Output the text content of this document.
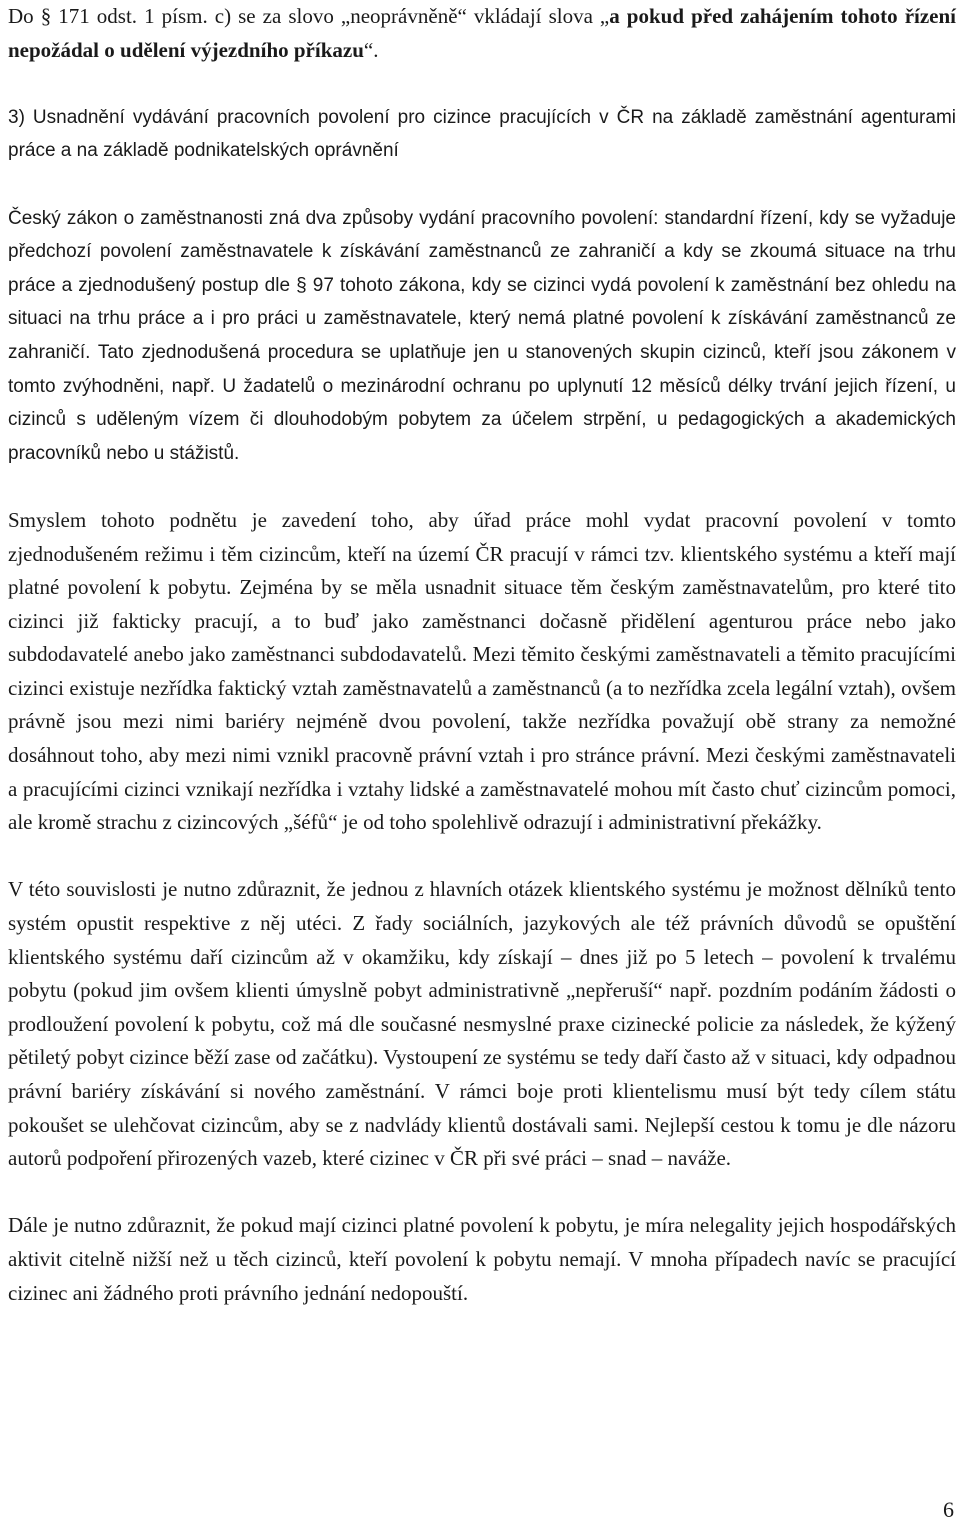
Do § 171 odst. 1 písm. c) se za slovo „neoprávněně“ vkládají slova „a pokud před zahájením tohoto řízení nepožádal o udělení výjezdního příkazu“.

3) Usnadnění vydávání pracovních povolení pro cizince pracujících v ČR na základě zaměstnání agenturami práce a na základě podnikatelských oprávnění

Český zákon o zaměstnanosti zná dva způsoby vydání pracovního povolení: standardní řízení, kdy se vyžaduje předchozí povolení zaměstnavatele k získávání zaměstnanců ze zahraničí a kdy se zkoumá situace na trhu práce a zjednodušený postup dle § 97 tohoto zákona, kdy se cizinci vydá povolení k zaměstnání bez ohledu na situaci na trhu práce a i pro práci u zaměstnavatele, který nemá platné povolení k získávání zaměstnanců ze zahraničí. Tato zjednodušená procedura se uplatňuje jen u stanovených skupin cizinců, kteří jsou zákonem v tomto zvýhodněni, např. U žadatelů o mezinárodní ochranu po uplynutí 12 měsíců délky trvání jejich řízení, u cizinců s uděleným vízem či dlouhodobým pobytem za účelem strpění, u pedagogických a akademických pracovníků nebo u stážistů.

Smyslem tohoto podnětu je zavedení toho, aby úřad práce mohl vydat pracovní povolení v tomto zjednodušeném režimu i těm cizincům, kteří na území ČR pracují v rámci tzv. klientského systému a kteří mají platné povolení k pobytu. Zejména by se měla usnadnit situace těm českým zaměstnavatelům, pro které tito cizinci již fakticky pracují, a to buď jako zaměstnanci dočasně přidělení agenturou práce nebo jako subdodavatelé anebo jako zaměstnanci subdodavatelů. Mezi těmito českými zaměstnavateli a těmito pracujícími cizinci existuje nezřídka faktický vztah zaměstnavatelů a zaměstnanců (a to nezřídka zcela legální vztah), ovšem právně jsou mezi nimi bariéry nejméně dvou povolení, takže nezřídka považují obě strany za nemožné dosáhnout toho, aby mezi nimi vznikl pracovně právní vztah i pro stránce právní. Mezi českými zaměstnavateli a pracujícími cizinci vznikají nezřídka i vztahy lidské a zaměstnavatelé mohou mít často chuť cizincům pomoci, ale kromě strachu z cizincových „šéfů“ je od toho spolehlivě odrazují i administrativní překážky.

V této souvislosti je nutno zdůraznit, že jednou z hlavních otázek klientského systému je možnost dělníků tento systém opustit respektive z něj utéci. Z řady sociálních, jazykových ale též právních důvodů se opuštění klientského systému daří cizincům až v okamžiku, kdy získají – dnes již po 5 letech – povolení k trvalému pobytu (pokud jim ovšem klienti úmyslně pobyt administrativně „nepřeruší“ např. pozdním podáním žádosti o prodloužení povolení k pobytu, což má dle současné nesmyslné praxe cizinecké policie za následek, že kýžený pětiletý pobyt cizince běží zase od začátku). Vystoupení ze systému se tedy daří často až v situaci, kdy odpadnou právní bariéry získávání si nového zaměstnání. V rámci boje proti klientelismu musí být tedy cílem státu pokoušet se ulehčovat cizincům, aby se z nadvlády klientů dostávali sami. Nejlepší cestou k tomu je dle názoru autorů podpoření přirozených vazeb, které cizinec v ČR při své práci – snad – naváže.

Dále je nutno zdůraznit, že pokud mají cizinci platné povolení k pobytu, je míra nelegality jejich hospodářských aktivit citelně nižší než u těch cizinců, kteří povolení k pobytu nemají. V mnoha případech navíc se pracující cizinec ani žádného proti právního jednání nedopouští.

6
